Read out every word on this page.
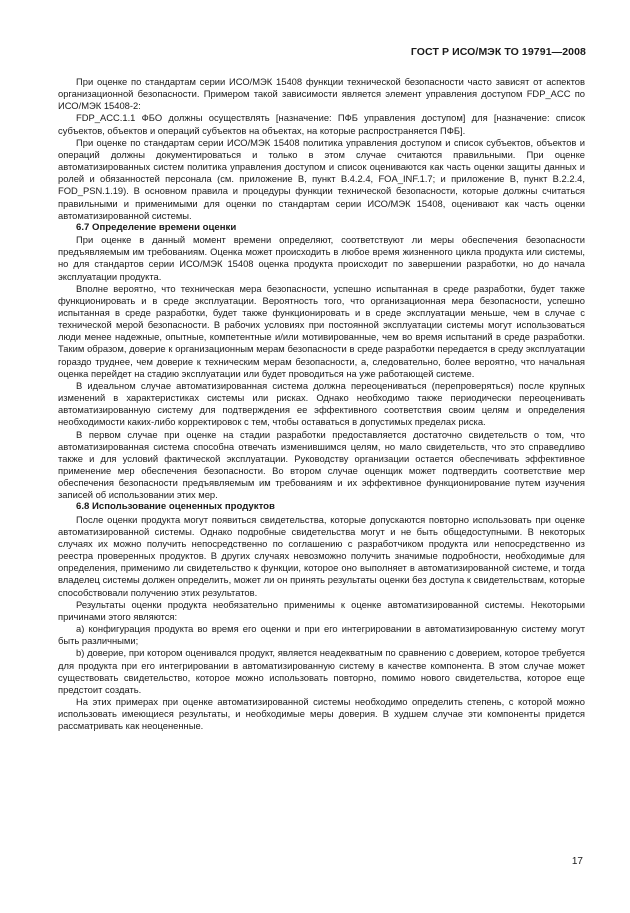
ГОСТ Р ИСО/МЭК ТО 19791—2008

При оценке по стандартам серии ИСО/МЭК 15408 функции технической безопасности часто зависят от аспектов организационной безопасности. Примером такой зависимости является элемент управления доступом FDP_ACC по ИСО/МЭК 15408-2:

FDP_ACC.1.1 ФБО должны осуществлять [назначение: ПФБ управления доступом] для [назначение: список субъектов, объектов и операций субъектов на объектах, на которые распространяется ПФБ].

При оценке по стандартам серии ИСО/МЭК 15408 политика управления доступом и список субъектов, объектов и операций должны документироваться и только в этом случае считаются правильными. При оценке автоматизированных систем политика управления доступом и список оцениваются как часть оценки защиты данных и ролей и обязанностей персонала (см. приложение В, пункт В.4.2.4, FOA_INF.1.7; и приложение В, пункт В.2.2.4, FOD_PSN.1.19). В основном правила и процедуры функции технической безопасности, которые должны считаться правильными и применимыми для оценки по стандартам серии ИСО/МЭК 15408, оценивают как часть оценки автоматизированной системы.

6.7 Определение времени оценки

При оценке в данный момент времени определяют, соответствуют ли меры обеспечения безопасности предъявляемым им требованиям. Оценка может происходить в любое время жизненного цикла продукта или системы, но для стандартов серии ИСО/МЭК 15408 оценка продукта происходит по завершении разработки, но до начала эксплуатации продукта.

Вполне вероятно, что техническая мера безопасности, успешно испытанная в среде разработки, будет также функционировать и в среде эксплуатации. Вероятность того, что организационная мера безопасности, успешно испытанная в среде разработки, будет также функционировать и в среде эксплуатации меньше, чем в случае с технической мерой безопасности. В рабочих условиях при постоянной эксплуатации системы могут использоваться люди менее надежные, опытные, компетентные и/или мотивированные, чем во время испытаний в среде разработки. Таким образом, доверие к организационным мерам безопасности в среде разработки передается в среду эксплуатации гораздо труднее, чем доверие к техническим мерам безопасности, а, следовательно, более вероятно, что начальная оценка перейдет на стадию эксплуатации или будет проводиться на уже работающей системе.

В идеальном случае автоматизированная система должна переоцениваться (перепроверяться) после крупных изменений в характеристиках системы или рисках. Однако необходимо также периодически переоценивать автоматизированную систему для подтверждения ее эффективного соответствия своим целям и определения необходимости каких-либо корректировок с тем, чтобы оставаться в допустимых пределах риска.

В первом случае при оценке на стадии разработки предоставляется достаточно свидетельств о том, что автоматизированная система способна отвечать изменившимся целям, но мало свидетельств, что это справедливо также и для условий фактической эксплуатации. Руководству организации остается обеспечивать эффективное применение мер обеспечения безопасности. Во втором случае оценщик может подтвердить соответствие мер обеспечения безопасности предъявляемым им требованиям и их эффективное функционирование путем изучения записей об использовании этих мер.

6.8 Использование оцененных продуктов

После оценки продукта могут появиться свидетельства, которые допускаются повторно использовать при оценке автоматизированной системы. Однако подробные свидетельства могут и не быть общедоступными. В некоторых случаях их можно получить непосредственно по соглашению с разработчиком продукта или непосредственно из реестра проверенных продуктов. В других случаях невозможно получить значимые подробности, необходимые для определения, применимо ли свидетельство к функции, которое оно выполняет в автоматизированной системе, и тогда владелец системы должен определить, может ли он принять результаты оценки без доступа к свидетельствам, которые способствовали получению этих результатов.

Результаты оценки продукта необязательно применимы к оценке автоматизированной системы. Некоторыми причинами этого являются:

а) конфигурация продукта во время его оценки и при его интегрировании в автоматизированную систему могут быть различными;

b) доверие, при котором оценивался продукт, является неадекватным по сравнению с доверием, которое требуется для продукта при его интегрировании в автоматизированную систему в качестве компонента. В этом случае может существовать свидетельство, которое можно использовать повторно, помимо нового свидетельства, которое еще предстоит создать.

На этих примерах при оценке автоматизированной системы необходимо определить степень, с которой можно использовать имеющиеся результаты, и необходимые меры доверия. В худшем случае эти компоненты придется рассматривать как неоцененные.

17
